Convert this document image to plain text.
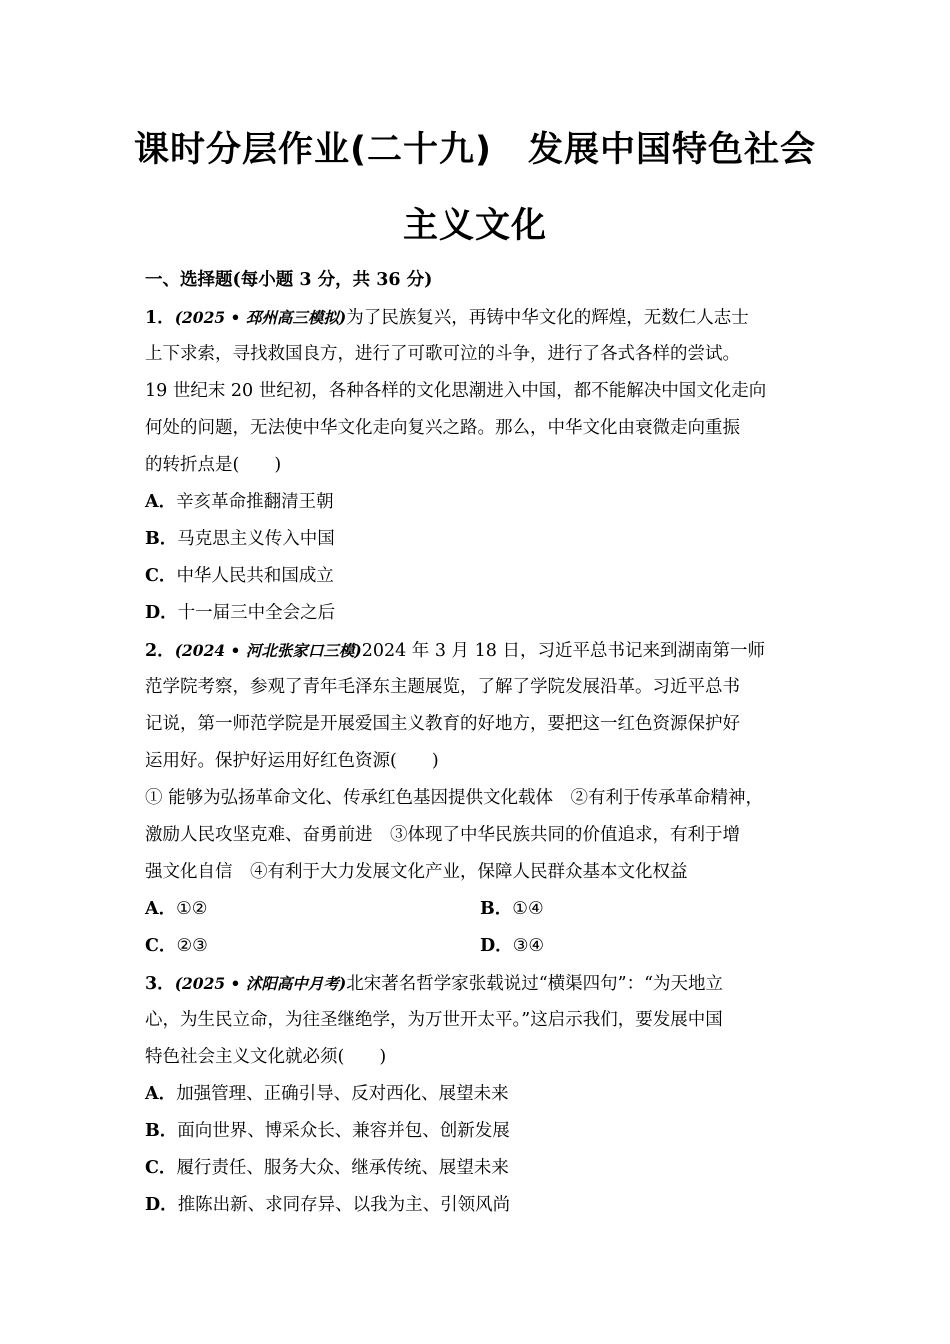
课时分层作业(二十九) 发展中国特色社会
主义文化
一、选择题(每小题 3 分，共 36 分)
1．(2025 • 邳州高三模拟)为了民族复兴，再铸中华文化的辉煌，无数仁人志士
上下求索，寻找救国良方，进行了可歌可泣的斗争，进行了各式各样的尝试。
19 世纪末 20 世纪初，各种各样的文化思潮进入中国，都不能解决中国文化走向
何处的问题，无法使中华文化走向复兴之路。那么，中华文化由衰微走向重振
的转折点是(　　)
A．辛亥革命推翻清王朝
B．马克思主义传入中国
C．中华人民共和国成立
D．十一届三中全会之后
2．(2024 • 河北张家口三模)2024 年 3 月 18 日，习近平总书记来到湖南第一师
范学院考察，参观了青年毛泽东主题展览，了解了学院发展沿革。习近平总书
记说，第一师范学院是开展爱国主义教育的好地方，要把这一红色资源保护好
运用好。保护好运用好红色资源(　　)
① 能够为弘扬革命文化、传承红色基因提供文化载体　②有利于传承革命精神，
激励人民攻坚克难、奋勇前进　③体现了中华民族共同的价值追求，有利于增
强文化自信　④有利于大力发展文化产业，保障人民群众基本文化权益
A．①②	B．①④
C．②③	D．③④
3．(2025 • 沭阳高中月考)北宋著名哲学家张载说过“横渠四句”：“为天地立
心，为生民立命，为往圣继绝学，为万世开太平。”这启示我们，要发展中国
特色社会主义文化就必须(　　)
A．加强管理、正确引导、反对西化、展望未来
B．面向世界、博采众长、兼容并包、创新发展
C．履行责任、服务大众、继承传统、展望未来
D．推陈出新、求同存异、以我为主、引领风尚
